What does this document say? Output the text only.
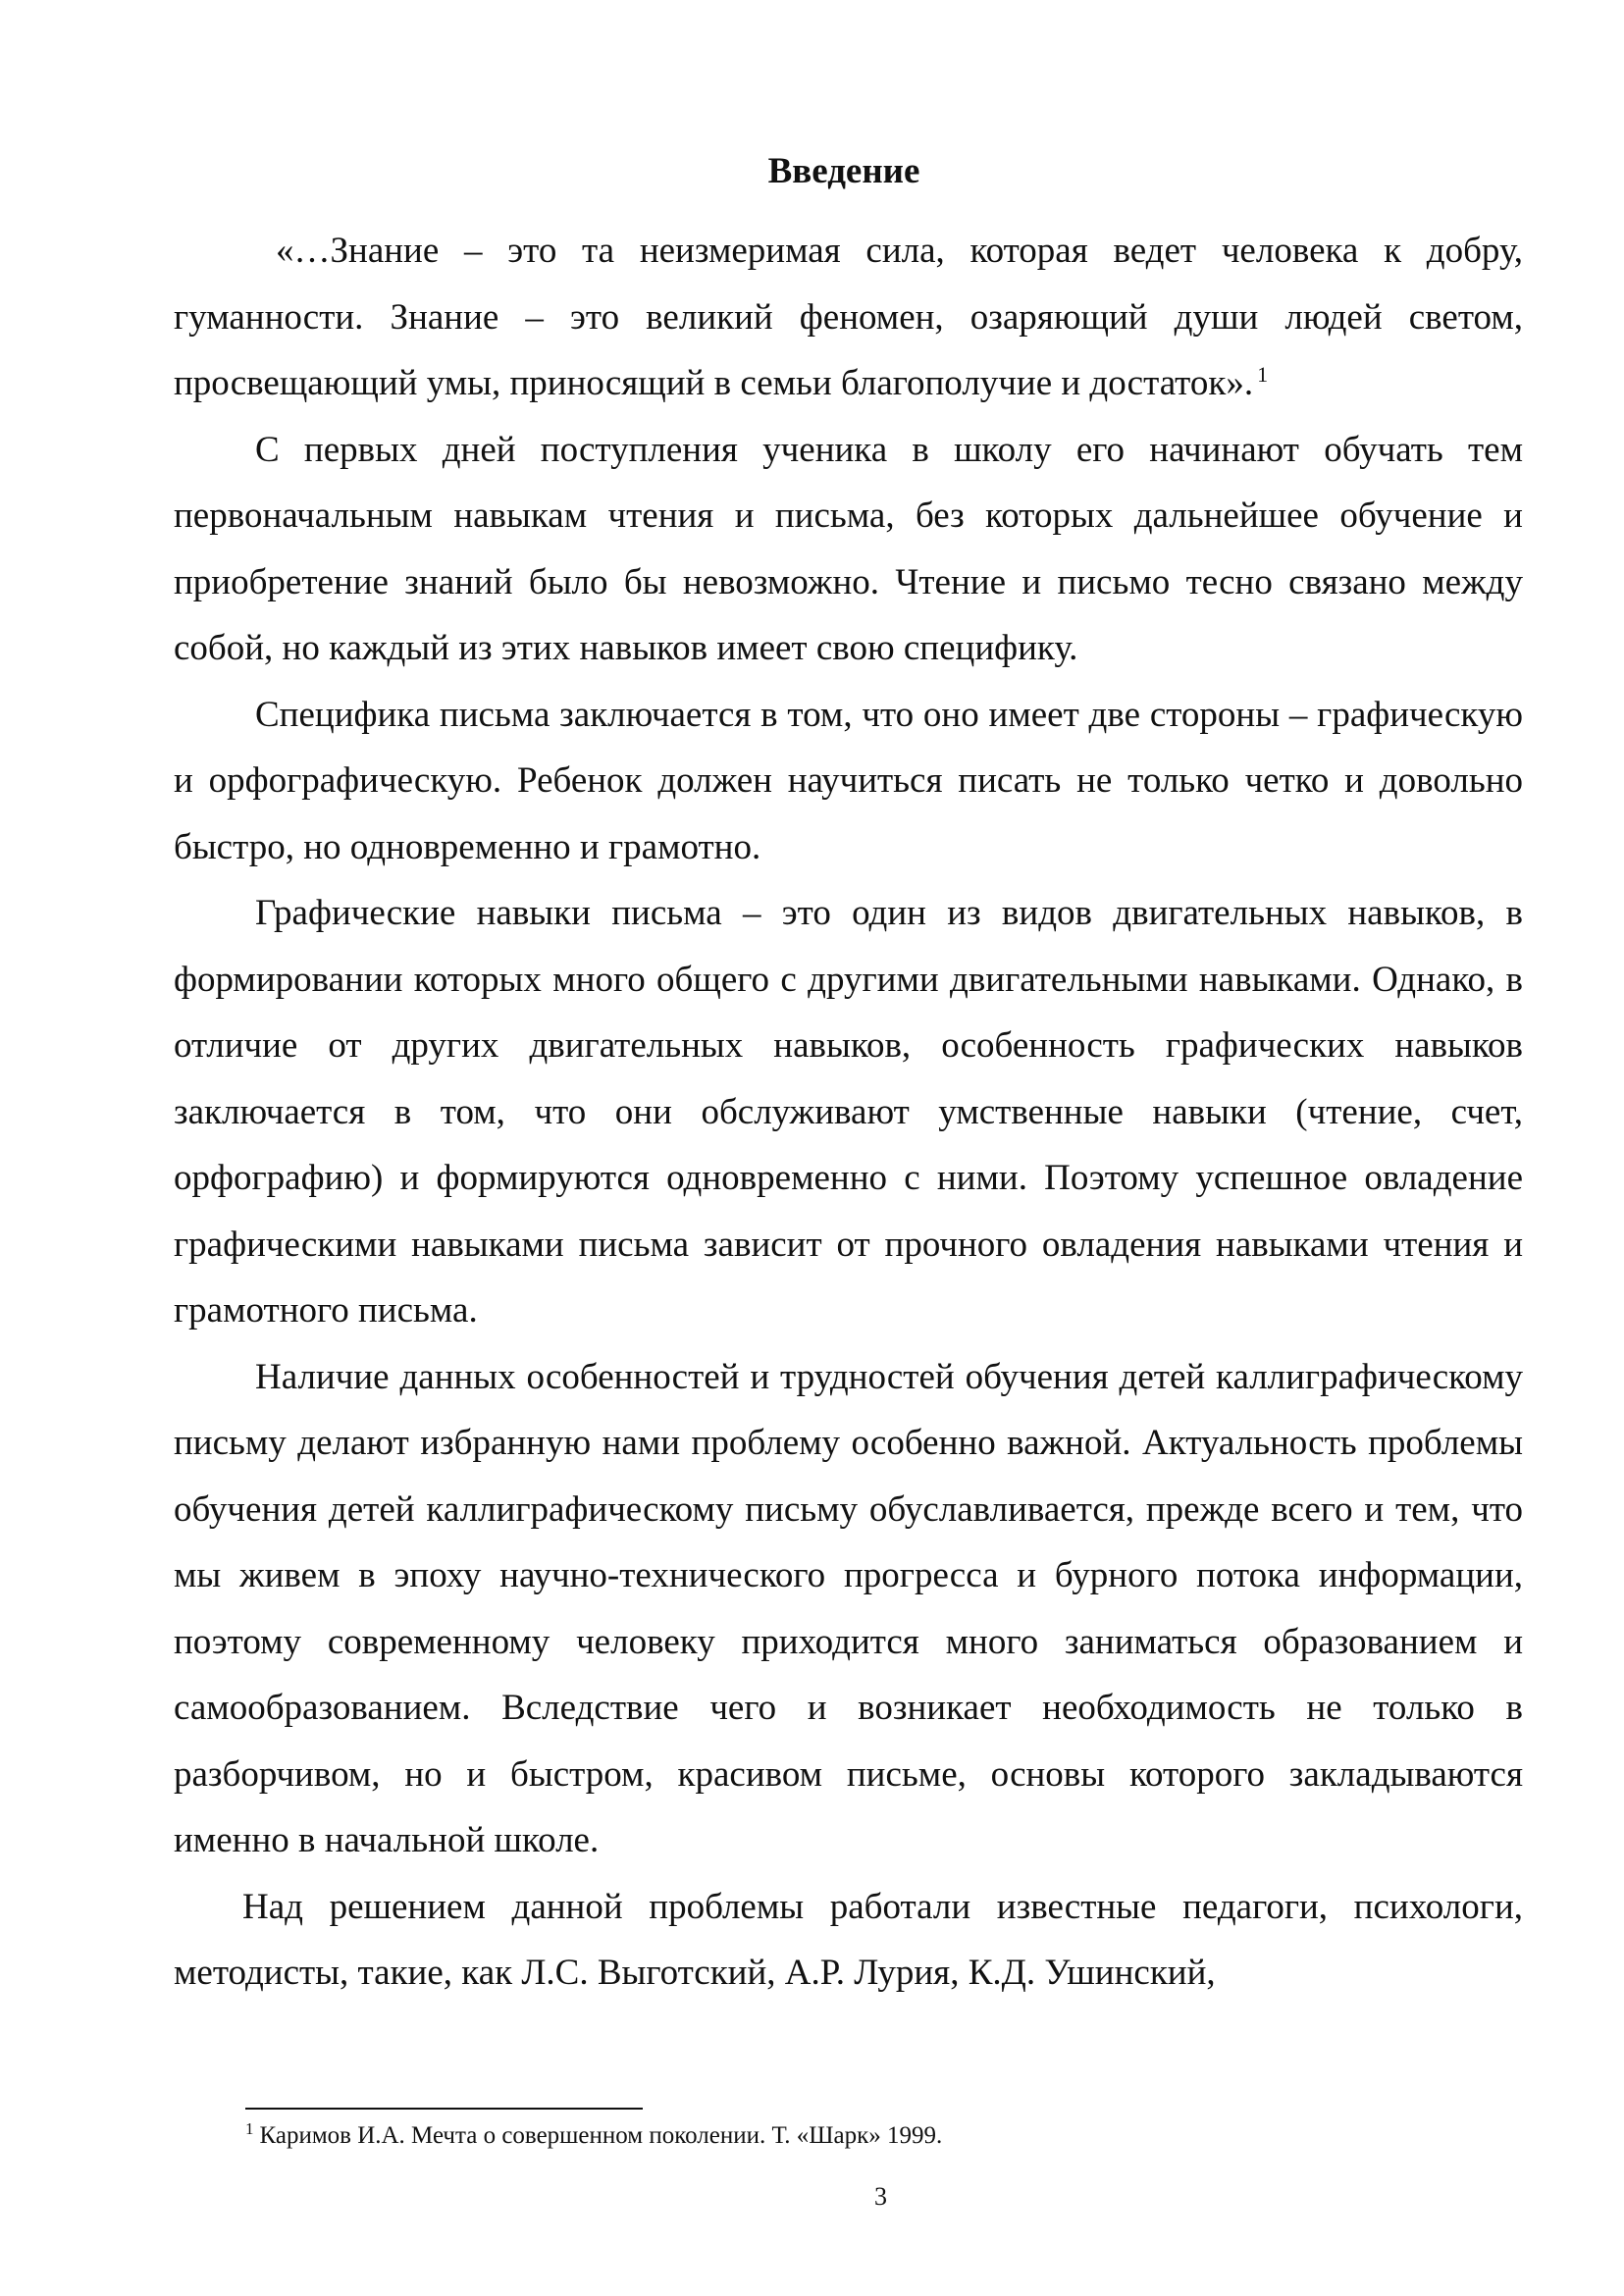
Введение

«…Знание – это та неизмеримая сила, которая ведет человека к добру, гуманности. Знание – это великий феномен, озаряющий души людей светом, просвещающий умы, приносящий в семьи благополучие и достаток». $^1$

С первых дней поступления ученика в школу его начинают обучать тем первоначальным навыкам чтения и письма, без которых дальнейшее обучение и приобретение знаний было бы невозможно. Чтение и письмо тесно связано между собой, но каждый из этих навыков имеет свою специфику.

Специфика письма заключается в том, что оно имеет две стороны – графическую и орфографическую. Ребенок должен научиться писать не только четко и довольно быстро, но одновременно и грамотно.

Графические навыки письма – это один из видов двигательных навыков, в формировании которых много общего с другими двигательными навыками. Однако, в отличие от других двигательных навыков, особенность графических навыков заключается в том, что они обслуживают умственные навыки (чтение, счет, орфографию) и формируются одновременно с ними. Поэтому успешное овладение графическими навыками письма зависит от прочного овладения навыками чтения и грамотного письма.

Наличие данных особенностей и трудностей обучения детей каллиграфическому письму делают избранную нами проблему особенно важной. Актуальность проблемы обучения детей каллиграфическому письму обуславливается, прежде всего и тем, что мы живем в эпоху научно-технического прогресса и бурного потока информации, поэтому современному человеку приходится много заниматься образованием и самообразованием. Вследствие чего и возникает необходимость не только в разборчивом, но и быстром, красивом письме, основы которого закладываются именно в начальной школе.

Над решением данной проблемы работали известные педагоги, психологи, методисты, такие, как Л.С. Выготский, А.Р. Лурия, К.Д. Ушинский,

$^1$ Каримов И.А. Мечта о совершенном поколении. Т. «Шарк» 1999.

3
